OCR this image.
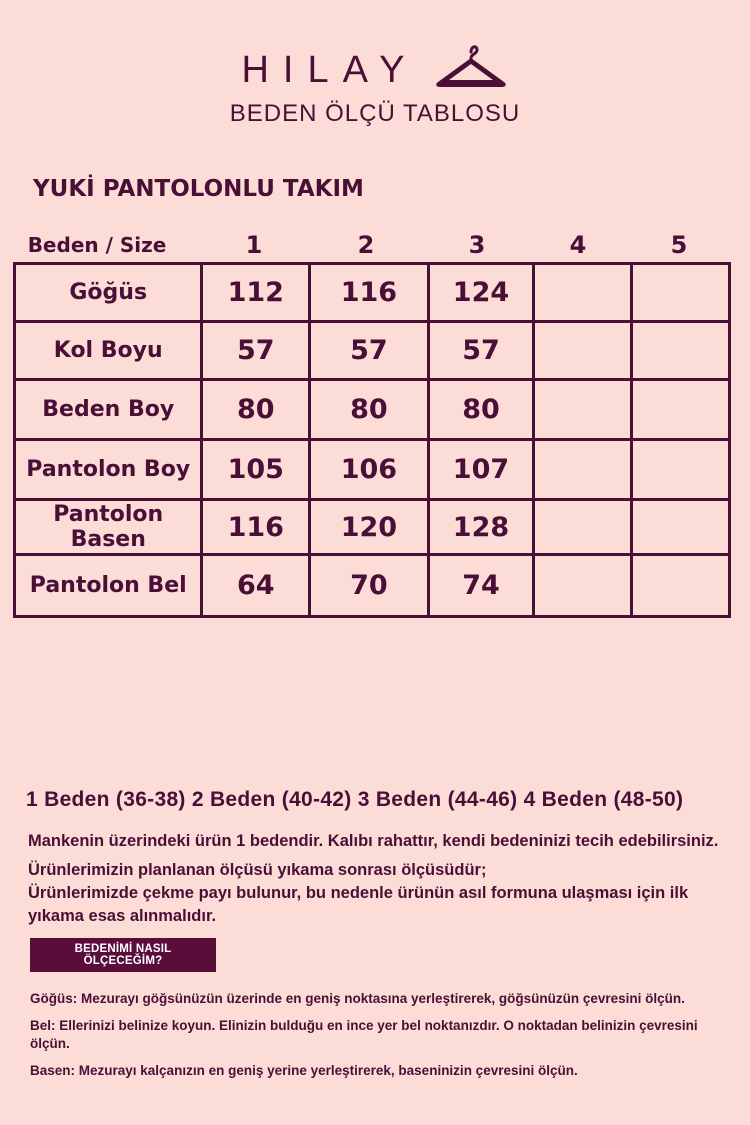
HILAY
BEDEN ÖLÇÜ TABLOSU
YUKİ PANTOLONLU TAKIM
Beden / Size	1	2	3	4	5
Göğüs	112	116	124		
Kol Boyu	57	57	57		
Beden Boy	80	80	80		
Pantolon Boy	105	106	107		
Pantolon Basen	116	120	128		
Pantolon Bel	64	70	74		
1 Beden (36-38) 2 Beden (40-42) 3 Beden (44-46) 4 Beden (48-50)

Mankenin üzerindeki ürün 1 bedendir. Kalıbı rahattır, kendi bedeninizi tecih edebilirsiniz.

Ürünlerimizin planlanan ölçüsü yıkama sonrası ölçüsüdür;

Ürünlerimizde çekme payı bulunur, bu nedenle ürünün asıl formuna ulaşması için ilk yıkama esas alınmalıdır.

BEDENİMİ NASIL ÖLÇECEĞİM?

Göğüs: Mezurayı göğsünüzün üzerinde en geniş noktasına yerleştirerek, göğsünüzün çevresini ölçün.

Bel: Ellerinizi belinize koyun. Elinizin bulduğu en ince yer bel noktanızdır. O noktadan belinizin çevresini ölçün.

Basen: Mezurayı kalçanızın en geniş yerine yerleştirerek, baseninizin çevresini ölçün.
